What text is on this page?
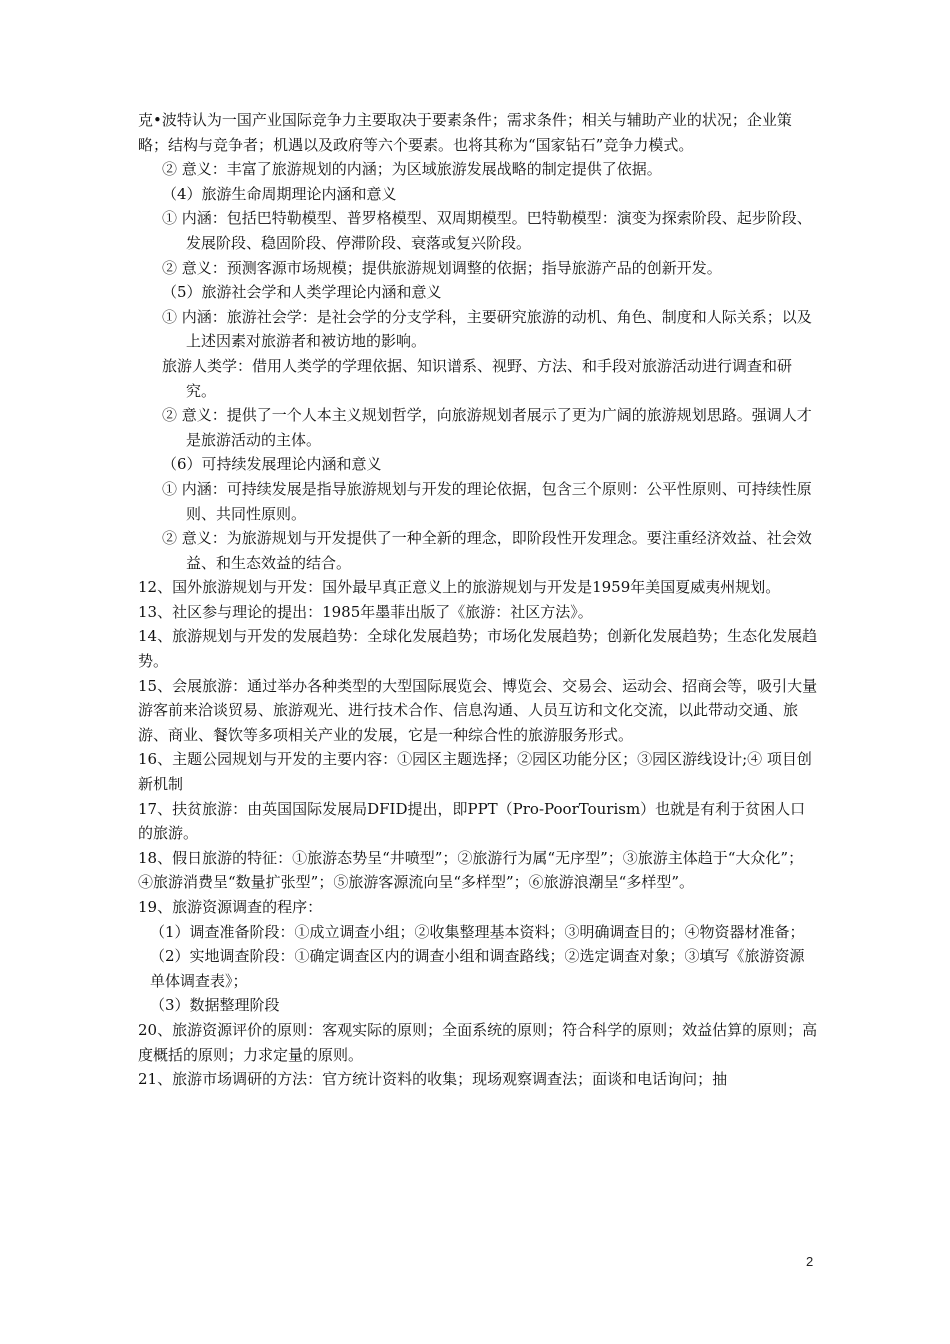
克•波特认为一国产业国际竞争力主要取决于要素条件；需求条件；相关与辅助产业的状况；企业策略；结构与竞争者；机遇以及政府等六个要素。也将其称为“国家钻石”竞争力模式。
② 意义：丰富了旅游规划的内涵；为区域旅游发展战略的制定提供了依据。
（4）旅游生命周期理论内涵和意义
① 内涵：包括巴特勒模型、普罗格模型、双周期模型。巴特勒模型：演变为探索阶段、起步阶段、发展阶段、稳固阶段、停滞阶段、衰落或复兴阶段。
② 意义：预测客源市场规模；提供旅游规划调整的依据；指导旅游产品的创新开发。
（5）旅游社会学和人类学理论内涵和意义
① 内涵：旅游社会学：是社会学的分支学科，主要研究旅游的动机、角色、制度和人际关系；以及上述因素对旅游者和被访地的影响。
旅游人类学：借用人类学的学理依据、知识谱系、视野、方法、和手段对旅游活动进行调查和研究。
② 意义：提供了一个人本主义规划哲学，向旅游规划者展示了更为广阔的旅游规划思路。强调人才是旅游活动的主体。
（6）可持续发展理论内涵和意义
① 内涵：可持续发展是指导旅游规划与开发的理论依据，包含三个原则：公平性原则、可持续性原则、共同性原则。
② 意义：为旅游规划与开发提供了一种全新的理念，即阶段性开发理念。要注重经济效益、社会效益、和生态效益的结合。
12、国外旅游规划与开发：国外最早真正意义上的旅游规划与开发是1959年美国夏威夷州规划。
13、社区参与理论的提出：1985年墨菲出版了《旅游：社区方法》。
14、旅游规划与开发的发展趋势：全球化发展趋势；市场化发展趋势；创新化发展趋势；生态化发展趋势。
15、会展旅游：通过举办各种类型的大型国际展览会、博览会、交易会、运动会、招商会等，吸引大量游客前来洽谈贸易、旅游观光、进行技术合作、信息沟通、人员互访和文化交流，以此带动交通、旅游、商业、餐饮等多项相关产业的发展，它是一种综合性的旅游服务形式。
16、主题公园规划与开发的主要内容：①园区主题选择；②园区功能分区；③园区游线设计;④ 项目创新机制
17、扶贫旅游：由英国国际发展局DFID提出，即PPT（Pro-PoorTourism）也就是有利于贫困人口的旅游。
18、假日旅游的特征：①旅游态势呈“井喷型”；②旅游行为属“无序型”；③旅游主体趋于“大众化”；④旅游消费呈“数量扩张型”；⑤旅游客源流向呈“多样型”；⑥旅游浪潮呈“多样型”。
19、旅游资源调查的程序：
（1）调查准备阶段：①成立调查小组；②收集整理基本资料；③明确调查目的；④物资器材准备；
（2）实地调查阶段：①确定调查区内的调查小组和调查路线；②选定调查对象；③填写《旅游资源单体调查表》；
（3）数据整理阶段
20、旅游资源评价的原则：客观实际的原则；全面系统的原则；符合科学的原则；效益估算的原则；高度概括的原则；力求定量的原则。
21、旅游市场调研的方法：官方统计资料的收集；现场观察调查法；面谈和电话询问；抽
2
